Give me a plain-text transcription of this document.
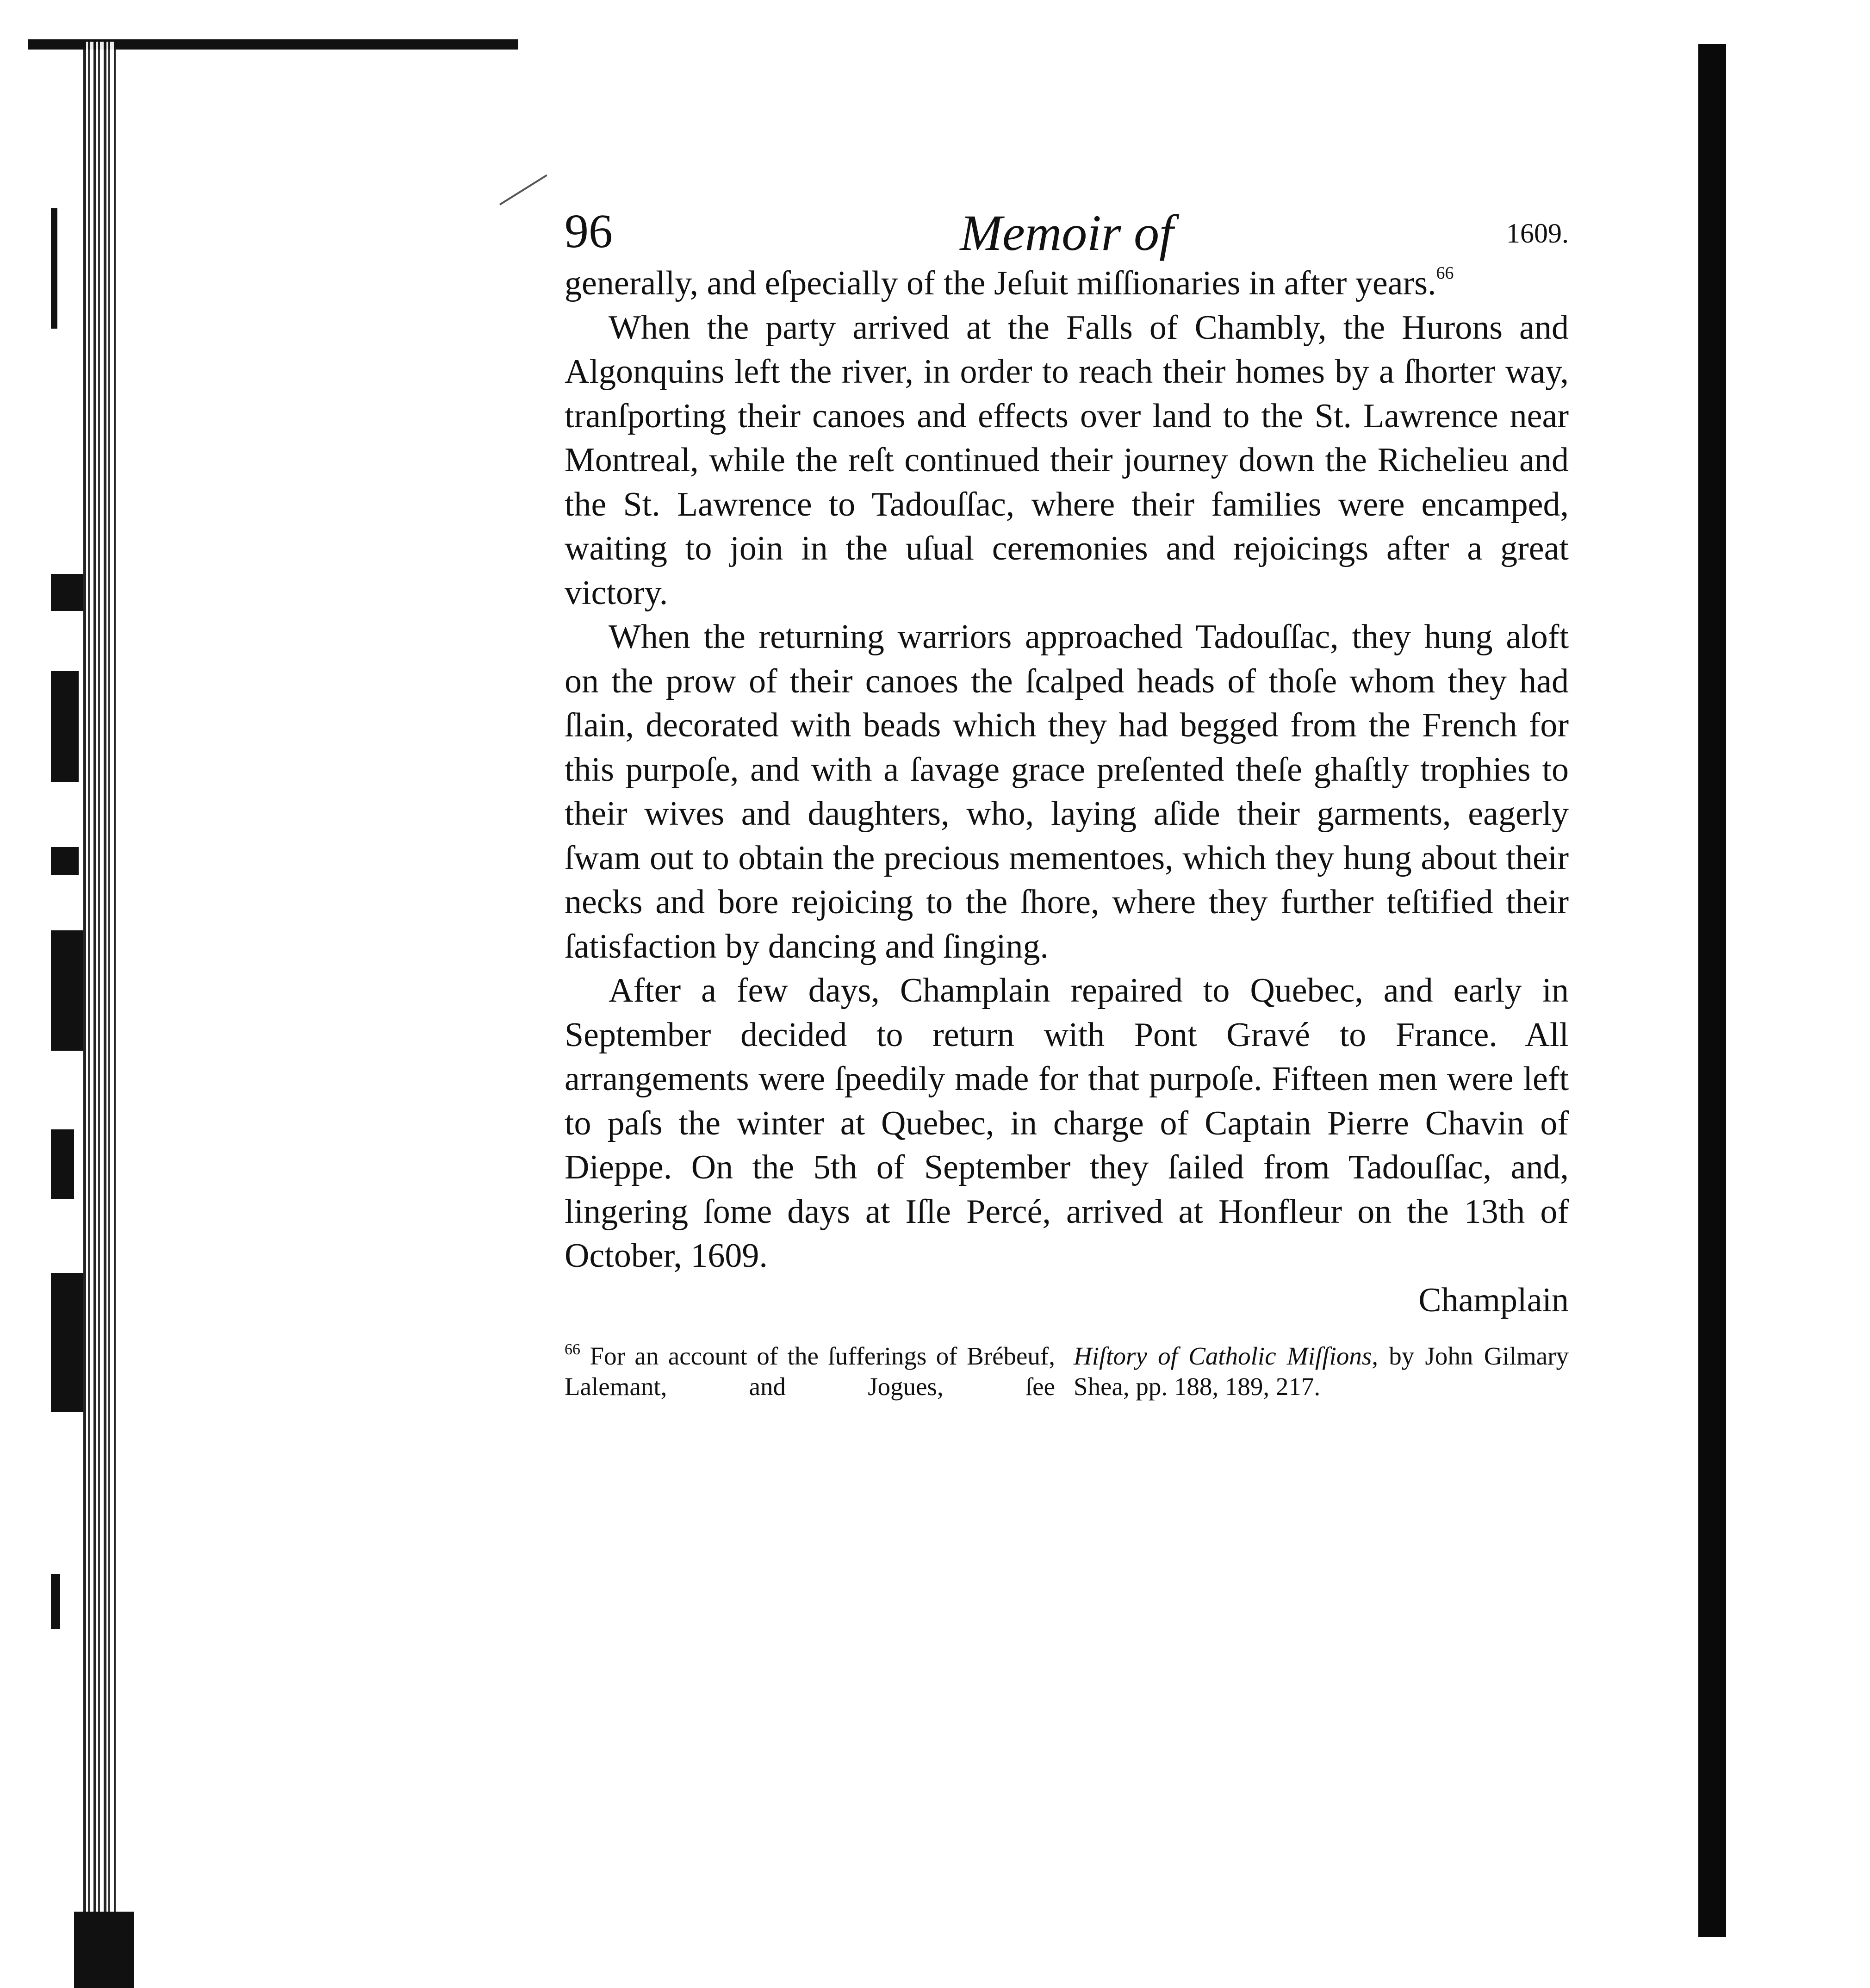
96	Memoir of	1609.

generally, and eſpecially of the Jeſuit miſſionaries in after years.$^{66}$

When the party arrived at the Falls of Chambly, the Hurons and Algonquins left the river, in order to reach their homes by a ſhorter way, tranſporting their canoes and effects over land to the St. Lawrence near Montreal, while the reſt continued their journey down the Richelieu and the St. Lawrence to Tadouſſac, where their families were encamped, waiting to join in the uſual ceremonies and rejoicings after a great victory.

When the returning warriors approached Tadouſſac, they hung aloft on the prow of their canoes the ſcalped heads of thoſe whom they had ſlain, decorated with beads which they had begged from the French for this purpoſe, and with a ſavage grace preſented theſe ghaſtly trophies to their wives and daughters, who, laying aſide their garments, eagerly ſwam out to obtain the precious mementoes, which they hung about their necks and bore rejoicing to the ſhore, where they further teſtified their ſatisfaction by dancing and ſinging.

After a few days, Champlain repaired to Quebec, and early in September decided to return with Pont Gravé to France. All arrangements were ſpeedily made for that purpoſe. Fifteen men were left to paſs the winter at Quebec, in charge of Captain Pierre Chavin of Dieppe. On the 5th of September they ſailed from Tadouſſac, and, lingering ſome days at Iſle Percé, arrived at Honfleur on the 13th of October, 1609.

Champlain
$^{66}$ For an account of the ſufferings of Brébeuf, Lalemant, and Jogues, ſee
Hiſtory of Catholic Miſſions, by John Gilmary Shea, pp. 188, 189, 217.
